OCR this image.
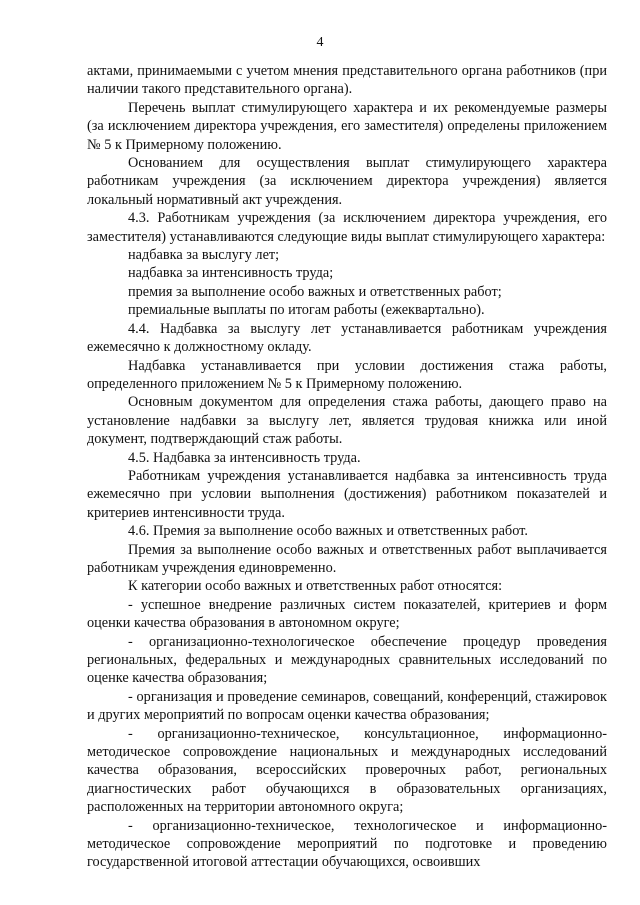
4

актами, принимаемыми с учетом мнения представительного органа работников (при наличии такого представительного органа).

Перечень выплат стимулирующего характера и их рекомендуемые размеры (за исключением директора учреждения, его заместителя) определены приложением № 5 к Примерному положению.

Основанием для осуществления выплат стимулирующего характера работникам учреждения (за исключением директора учреждения) является локальный нормативный акт учреждения.

4.3. Работникам учреждения (за исключением директора учреждения, его заместителя) устанавливаются следующие виды выплат стимулирующего характера:

надбавка за выслугу лет;

надбавка за интенсивность труда;

премия за выполнение особо важных и ответственных работ;

премиальные выплаты по итогам работы (ежеквартально).

4.4. Надбавка за выслугу лет устанавливается работникам учреждения ежемесячно к должностному окладу.

Надбавка устанавливается при условии достижения стажа работы, определенного приложением № 5 к Примерному положению.

Основным документом для определения стажа работы, дающего право на установление надбавки за выслугу лет, является трудовая книжка или иной документ, подтверждающий стаж работы.

4.5. Надбавка за интенсивность труда.

Работникам учреждения устанавливается надбавка за интенсивность труда ежемесячно при условии выполнения (достижения) работником показателей и критериев интенсивности труда.

4.6. Премия за выполнение особо важных и ответственных работ.

Премия за выполнение особо важных и ответственных работ выплачивается работникам учреждения единовременно.

К категории особо важных и ответственных работ относятся:

- успешное внедрение различных систем показателей, критериев и форм оценки качества образования в автономном округе;

- организационно-технологическое обеспечение процедур проведения региональных, федеральных и международных сравнительных исследований по оценке качества образования;

- организация и проведение семинаров, совещаний, конференций, стажировок и других мероприятий по вопросам оценки качества образования;

- организационно-техническое, консультационное, информационно-методическое сопровождение национальных и международных исследований качества образования, всероссийских проверочных работ, региональных диагностических работ обучающихся в образовательных организациях, расположенных на территории автономного округа;

- организационно-техническое, технологическое и информационно-методическое сопровождение мероприятий по подготовке и проведению государственной итоговой аттестации обучающихся, освоивших
